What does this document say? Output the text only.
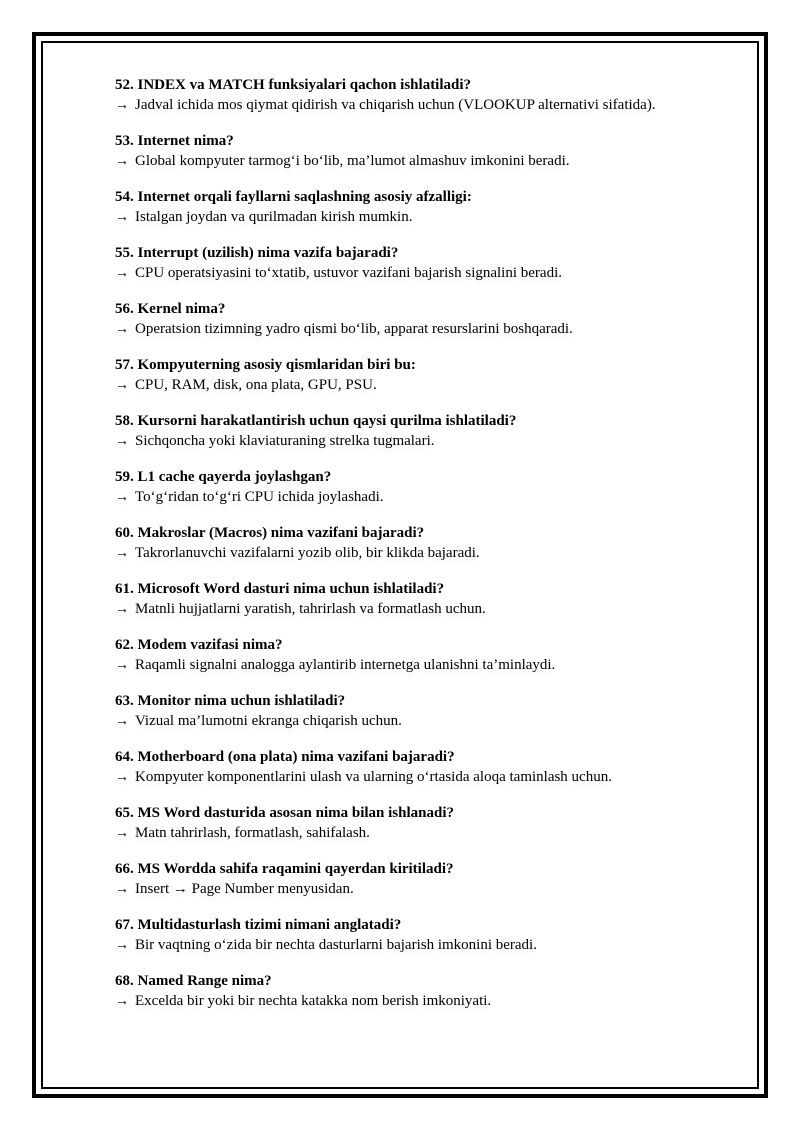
52. INDEX va MATCH funksiyalari qachon ishlatiladi?
→ Jadval ichida mos qiymat qidirish va chiqarish uchun (VLOOKUP alternativi sifatida).
53. Internet nima?
→ Global kompyuter tarmog‘i bo‘lib, ma’lumot almashuv imkonini beradi.
54. Internet orqali fayllarni saqlashning asosiy afzalligi:
→ Istalgan joydan va qurilmadan kirish mumkin.
55. Interrupt (uzilish) nima vazifa bajaradi?
→ CPU operatsiyasini to‘xtatib, ustuvor vazifani bajarish signalini beradi.
56. Kernel nima?
→ Operatsion tizimning yadro qismi bo‘lib, apparat resurslarini boshqaradi.
57. Kompyuterning asosiy qismlaridan biri bu:
→ CPU, RAM, disk, ona plata, GPU, PSU.
58. Kursorni harakatlantirish uchun qaysi qurilma ishlatiladi?
→ Sichqoncha yoki klaviaturaning strelka tugmalari.
59. L1 cache qayerda joylashgan?
→ To‘g‘ridan to‘g‘ri CPU ichida joylashadi.
60. Makroslar (Macros) nima vazifani bajaradi?
→ Takrorlanuvchi vazifalarni yozib olib, bir klikda bajaradi.
61. Microsoft Word dasturi nima uchun ishlatiladi?
→ Matnli hujjatlarni yaratish, tahrirlash va formatlash uchun.
62. Modem vazifasi nima?
→ Raqamli signalni analogga aylantirib internetga ulanishni ta’minlaydi.
63. Monitor nima uchun ishlatiladi?
→ Vizual ma’lumotni ekranga chiqarish uchun.
64. Motherboard (ona plata) nima vazifani bajaradi?
→ Kompyuter komponentlarini ulash va ularning o‘rtasida aloqa taminlash uchun.
65. MS Word dasturida asosan nima bilan ishlanadi?
→ Matn tahrirlash, formatlash, sahifalash.
66. MS Wordda sahifa raqamini qayerdan kiritiladi?
→ Insert → Page Number menyusidan.
67. Multidasturlash tizimi nimani anglatadi?
→ Bir vaqtning o‘zida bir nechta dasturlarni bajarish imkonini beradi.
68. Named Range nima?
→ Excelda bir yoki bir nechta katakka nom berish imkoniyati.
